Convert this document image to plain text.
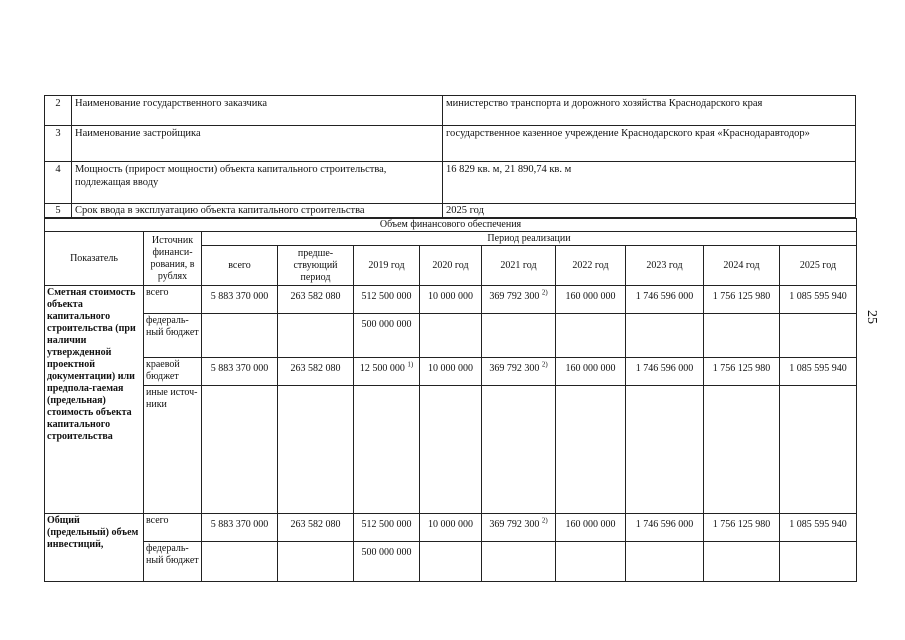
2	Наименование государственного заказчика	министерство транспорта и дорожного хозяйства Краснодарского края
3	Наименование застройщика	государственное казенное учреждение Краснодарского края «Краснодаравтодор»
4	Мощность (прирост мощности) объекта капитального строительства, подлежащая вводу	16 829 кв. м, 21 890,74 кв. м
5	Срок ввода в эксплуатацию объекта капитального строительства	2025 год
Объем финансового обеспечения										
Показатель	Источник финанси-рования, в рублях	Период реализации								
		всего	предше-ствующий период	2019 год	2020 год	2021 год	2022 год	2023 год	2024 год	2025 год
Сметная стоимость объекта капитального строительства (при наличии утвержденной проектной документации) или предпола-гаемая (предельная) стоимость объекта капитального строительства	всего	5 883 370 000	263 582 080	512 500 000	10 000 000	369 792 300 $^{2)}$	160 000 000	1 746 596 000	1 756 125 980	1 085 595 940
	федераль-ный бюджет			500 000 000						
	краевой бюджет	5 883 370 000	263 582 080	12 500 000 $^{1)}$	10 000 000	369 792 300 $^{2)}$	160 000 000	1 746 596 000	1 756 125 980	1 085 595 940
	иные источ-ники									
Общий (предельный) объем инвестиций,	всего	5 883 370 000	263 582 080	512 500 000	10 000 000	369 792 300 $^{2)}$	160 000 000	1 746 596 000	1 756 125 980	1 085 595 940
	федераль-ный бюджет			500 000 000						
25
